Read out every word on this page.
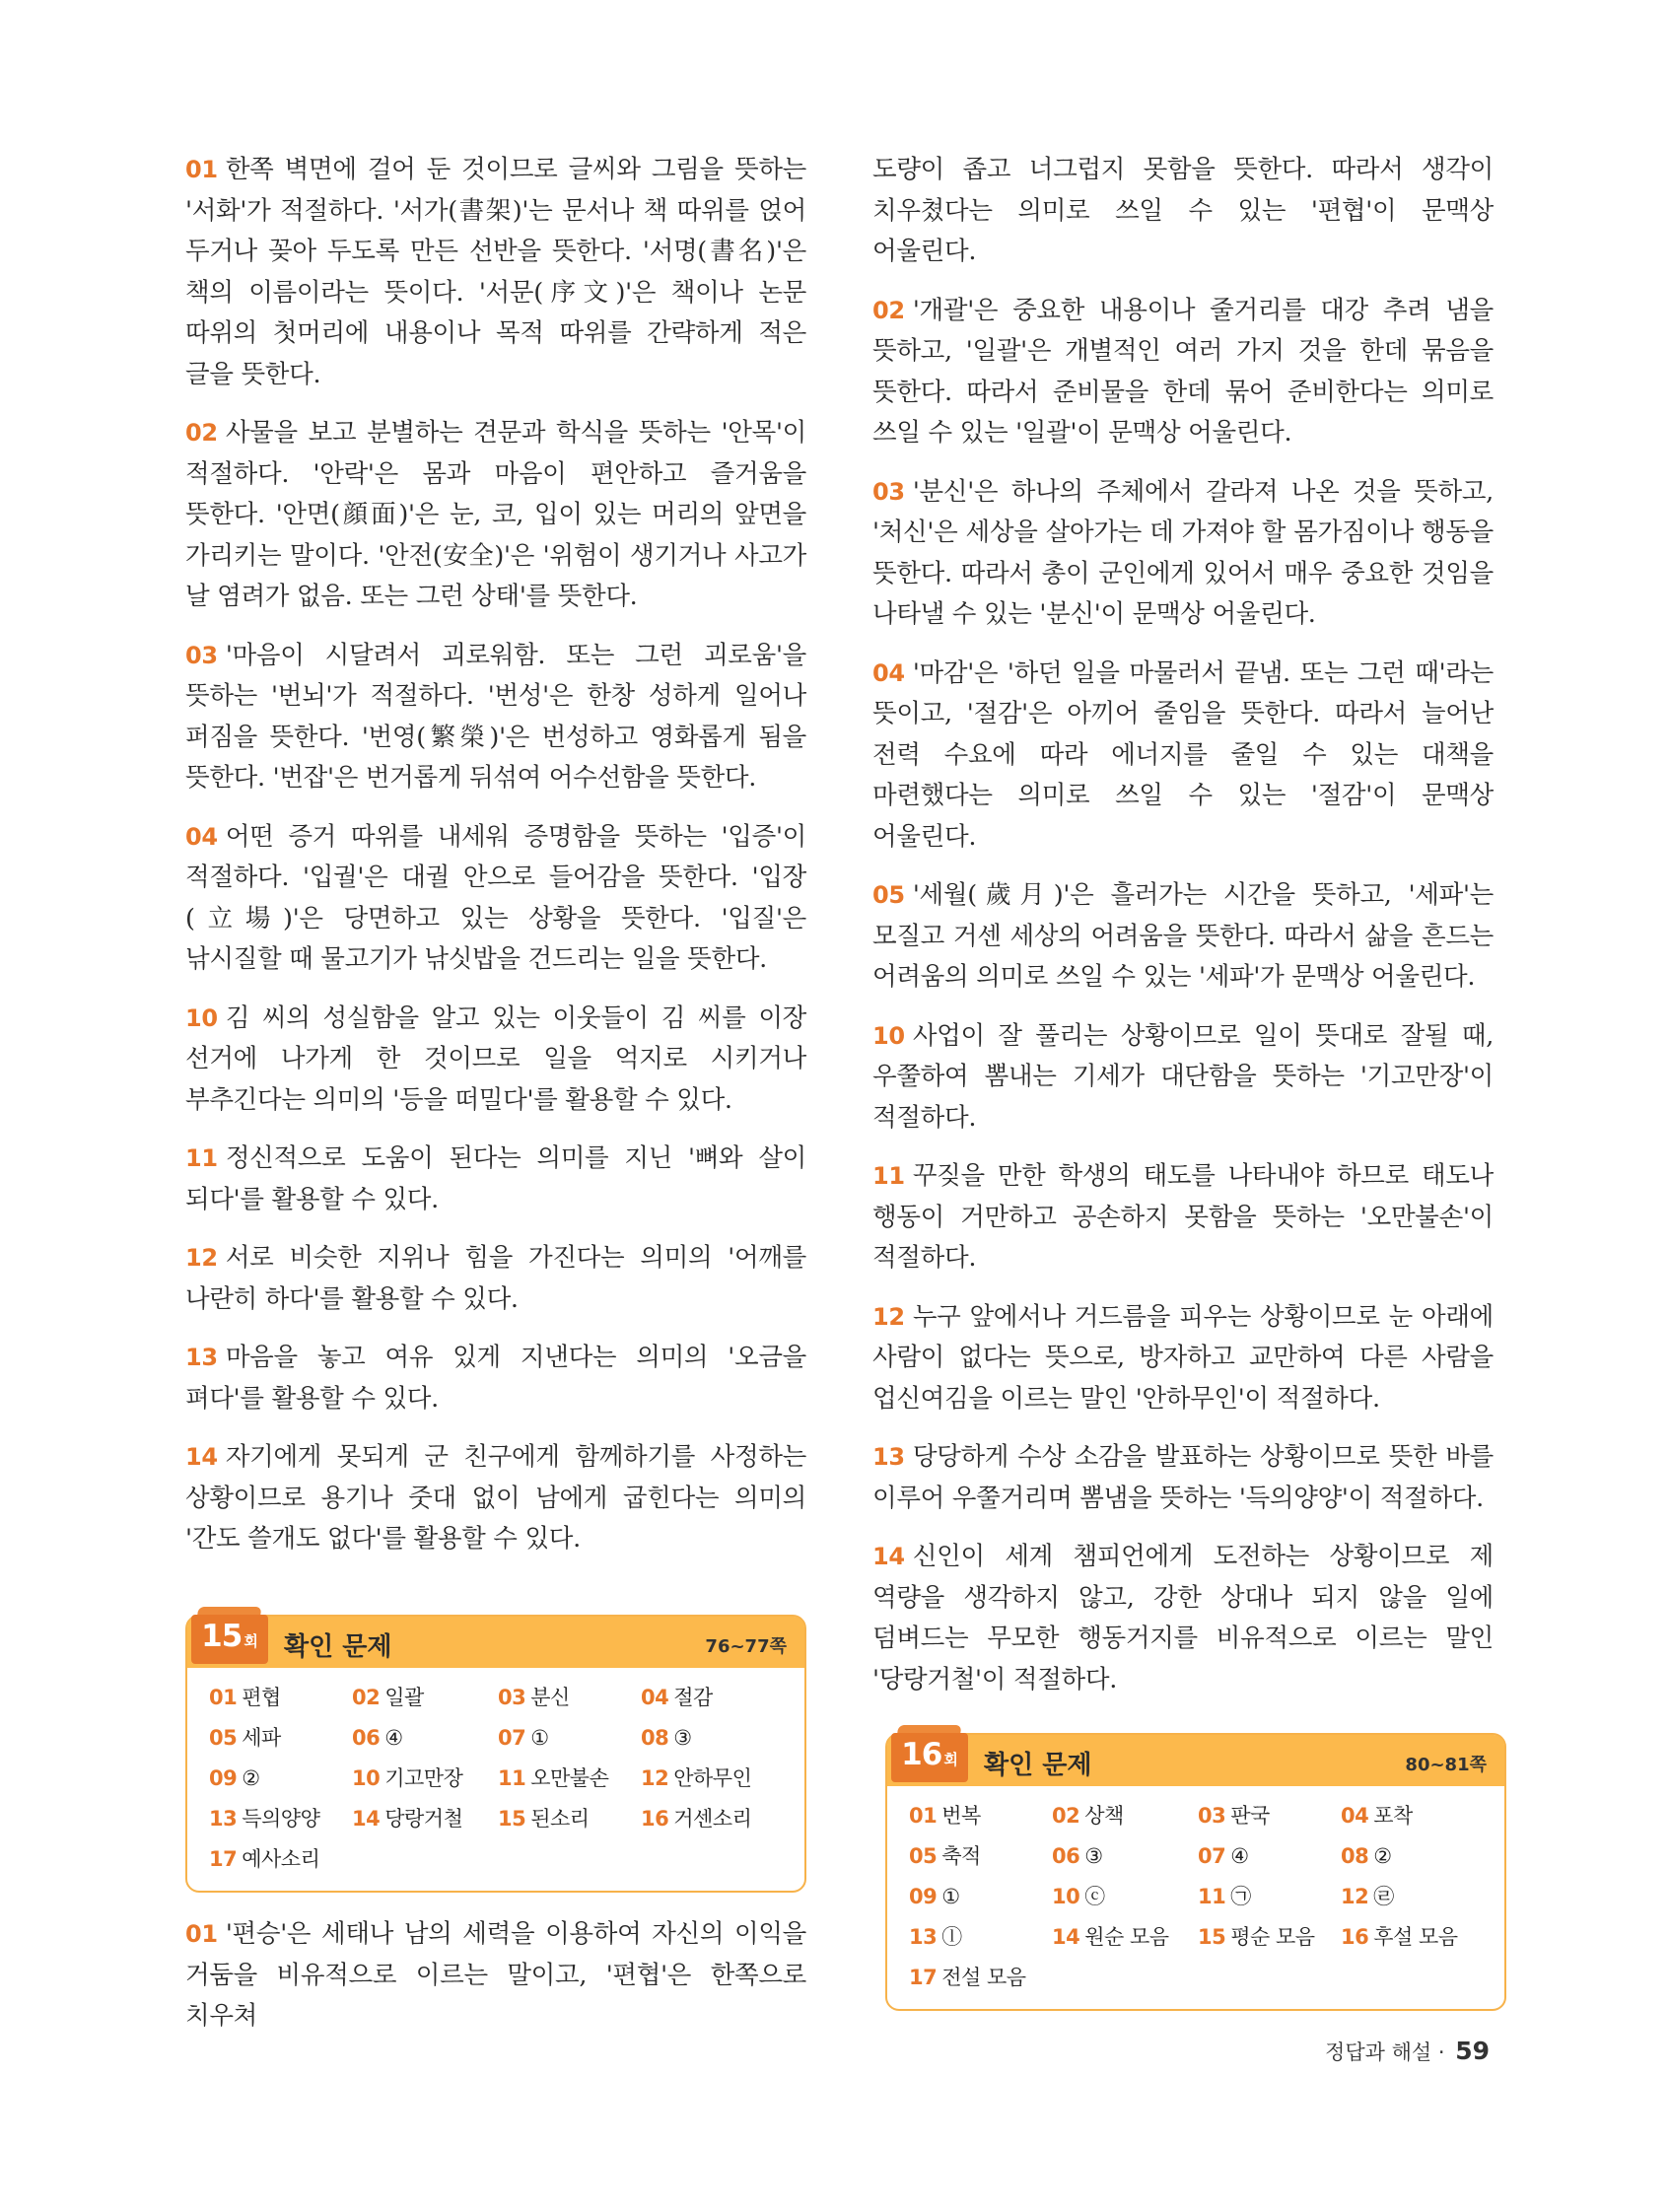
01 한쪽 벽면에 걸어 둔 것이므로 글씨와 그림을 뜻하는 '서화'가 적절하다. '서가(書架)'는 문서나 책 따위를 얹어 두거나 꽂아 두도록 만든 선반을 뜻한다. '서명(書名)'은 책의 이름이라는 뜻이다. '서문(序文)'은 책이나 논문 따위의 첫머리에 내용이나 목적 따위를 간략하게 적은 글을 뜻한다.

02 사물을 보고 분별하는 견문과 학식을 뜻하는 '안목'이 적절하다. '안락'은 몸과 마음이 편안하고 즐거움을 뜻한다. '안면(顔面)'은 눈, 코, 입이 있는 머리의 앞면을 가리키는 말이다. '안전(安全)'은 '위험이 생기거나 사고가 날 염려가 없음. 또는 그런 상태'를 뜻한다.

03 '마음이 시달려서 괴로워함. 또는 그런 괴로움'을 뜻하는 '번뇌'가 적절하다. '번성'은 한창 성하게 일어나 퍼짐을 뜻한다. '번영(繁榮)'은 번성하고 영화롭게 됨을 뜻한다. '번잡'은 번거롭게 뒤섞여 어수선함을 뜻한다.

04 어떤 증거 따위를 내세워 증명함을 뜻하는 '입증'이 적절하다. '입궐'은 대궐 안으로 들어감을 뜻한다. '입장(立場)'은 당면하고 있는 상황을 뜻한다. '입질'은 낚시질할 때 물고기가 낚싯밥을 건드리는 일을 뜻한다.

10 김 씨의 성실함을 알고 있는 이웃들이 김 씨를 이장 선거에 나가게 한 것이므로 일을 억지로 시키거나 부추긴다는 의미의 '등을 떠밀다'를 활용할 수 있다.

11 정신적으로 도움이 된다는 의미를 지닌 '뼈와 살이 되다'를 활용할 수 있다.

12 서로 비슷한 지위나 힘을 가진다는 의미의 '어깨를 나란히 하다'를 활용할 수 있다.

13 마음을 놓고 여유 있게 지낸다는 의미의 '오금을 펴다'를 활용할 수 있다.

14 자기에게 못되게 군 친구에게 함께하기를 사정하는 상황이므로 용기나 줏대 없이 남에게 굽힌다는 의미의 '간도 쓸개도 없다'를 활용할 수 있다.

도량이 좁고 너그럽지 못함을 뜻한다. 따라서 생각이 치우쳤다는 의미로 쓰일 수 있는 '편협'이 문맥상 어울린다.

02 '개괄'은 중요한 내용이나 줄거리를 대강 추려 냄을 뜻하고, '일괄'은 개별적인 여러 가지 것을 한데 묶음을 뜻한다. 따라서 준비물을 한데 묶어 준비한다는 의미로 쓰일 수 있는 '일괄'이 문맥상 어울린다.

03 '분신'은 하나의 주체에서 갈라져 나온 것을 뜻하고, '처신'은 세상을 살아가는 데 가져야 할 몸가짐이나 행동을 뜻한다. 따라서 총이 군인에게 있어서 매우 중요한 것임을 나타낼 수 있는 '분신'이 문맥상 어울린다.

04 '마감'은 '하던 일을 마물러서 끝냄. 또는 그런 때'라는 뜻이고, '절감'은 아끼어 줄임을 뜻한다. 따라서 늘어난 전력 수요에 따라 에너지를 줄일 수 있는 대책을 마련했다는 의미로 쓰일 수 있는 '절감'이 문맥상 어울린다.

05 '세월(歲月)'은 흘러가는 시간을 뜻하고, '세파'는 모질고 거센 세상의 어려움을 뜻한다. 따라서 삶을 흔드는 어려움의 의미로 쓰일 수 있는 '세파'가 문맥상 어울린다.

10 사업이 잘 풀리는 상황이므로 일이 뜻대로 잘될 때, 우쭐하여 뽐내는 기세가 대단함을 뜻하는 '기고만장'이 적절하다.

11 꾸짖을 만한 학생의 태도를 나타내야 하므로 태도나 행동이 거만하고 공손하지 못함을 뜻하는 '오만불손'이 적절하다.

12 누구 앞에서나 거드름을 피우는 상황이므로 눈 아래에 사람이 없다는 뜻으로, 방자하고 교만하여 다른 사람을 업신여김을 이르는 말인 '안하무인'이 적절하다.

13 당당하게 수상 소감을 발표하는 상황이므로 뜻한 바를 이루어 우쭐거리며 뽐냄을 뜻하는 '득의양양'이 적절하다.

14 신인이 세계 챔피언에게 도전하는 상황이므로 제 역량을 생각하지 않고, 강한 상대나 되지 않을 일에 덤벼드는 무모한 행동거지를 비유적으로 이르는 말인 '당랑거철'이 적절하다.

15 회 확인 문제	76~77쪽
01 편협	02 일괄	03 분신	04 절감
05 세파	06 ④	07 ①	08 ③
09 ②	10 기고만장	11 오만불손	12 안하무인
13 득의양양	14 당랑거철	15 된소리	16 거센소리
17 예사소리

01 '편승'은 세태나 남의 세력을 이용하여 자신의 이익을 거둠을 비유적으로 이르는 말이고, '편협'은 한쪽으로 치우쳐

16 회 확인 문제	80~81쪽
01 번복	02 상책	03 판국	04 포착
05 축적	06 ③	07 ④	08 ②
09 ①	10 ⓒ	11 ㉠	12 ㉣
13 ⓛ	14 원순 모음	15 평순 모음	16 후설 모음
17 전설 모음
정답과 해설 · 59
